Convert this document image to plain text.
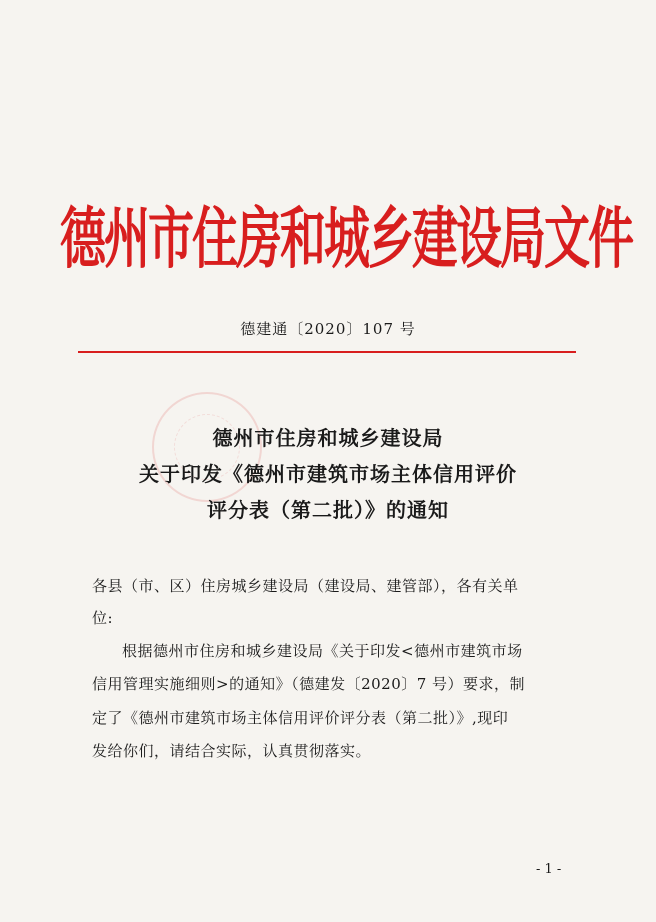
德州市住房和城乡建设局文件
德建通〔2020〕107 号
德州市住房和城乡建设局
关于印发《德州市建筑市场主体信用评价
评分表（第二批）》的通知
各县（市、区）住房城乡建设局（建设局、建管部），各有关单
位:
根据德州市住房和城乡建设局《关于印发<德州市建筑市场
信用管理实施细则>的通知》（德建发〔2020〕7 号）要求，制
定了《德州市建筑市场主体信用评价评分表（第二批）》,现印
发给你们，请结合实际，认真贯彻落实。
- 1 -
